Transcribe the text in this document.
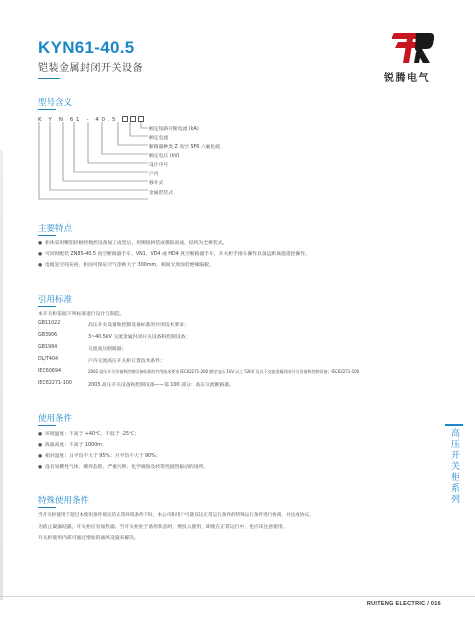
KYN61-40.5
铠装金属封闭开关设备
锐腾电气
型号含义
K Y N 61 - 40.5
额定短路开断电流 (kA)
额定电流
断路器种类 Z 真空 SF6 六氟化硫
额定电压 (kV)
设计序号
户内
移开式
金属铠装式
主要特点
● 柜体采用敷铝锌板经数控设备加工成型后，用铆接拼装成模拟而成，结构为全拼装式。
● 可同时配装 ZN85-40.5 真空断路器手车、VN1、VD4 或 HD4 真空断路器手车，开关柜手推车操作具备远距离提遥控操作。
● 电缆室空间充裕，柜间可保证空气净距大于 300mm，相间无须加装绝缘隔板。
引用标准
本开关柜依据下列标准进行设计与制造。
GB11022	高压开关设备和控制设备标准的共用技术要求；
GB3906	3~40.5kV 交流金属封闭开关设备和控制设备；
GB1984	交流高压断路器；
DL/T404	户内交流高压开关柜订货技术条件；
IEC60694	2002 高压开关设备和控制设备标准的共用技术要求 IEC62271-200 额定电压 1kV 以上 52kV 及以下交流金属封闭开关设备和控制设备；IEC62271-100
IEC62271-100	2003.高压开关设备和控制设备——第 100 部分：高压交流断路器。
使用条件
● 环境温度：不高于 +40℃，不低于 -25℃；
● 海拔高度：不高于 1000m；
● 相对湿度：日平均不大于 95%；月平均不大于 90%；
● 没有易燃性气体、爆炸危险、严重污秽、化学腐蚀及经常性剧烈振动的场所。
特殊使用条件
当开关柜使用于超过本使用条件规定的正常环境条件下时，本公司和用户可就双边正常运行条件的特殊运行条件进行协商，并达成协议。
为防止凝露结露，开关柜应有加热器。当开关柜处于备用状态时，要投入使用，即使在正常运行中，也应该注意使用。
开关柜使用内部可通过增加的通风设施来解决。
高压开关柜系列
RUITENG ELECTRIC / 016
